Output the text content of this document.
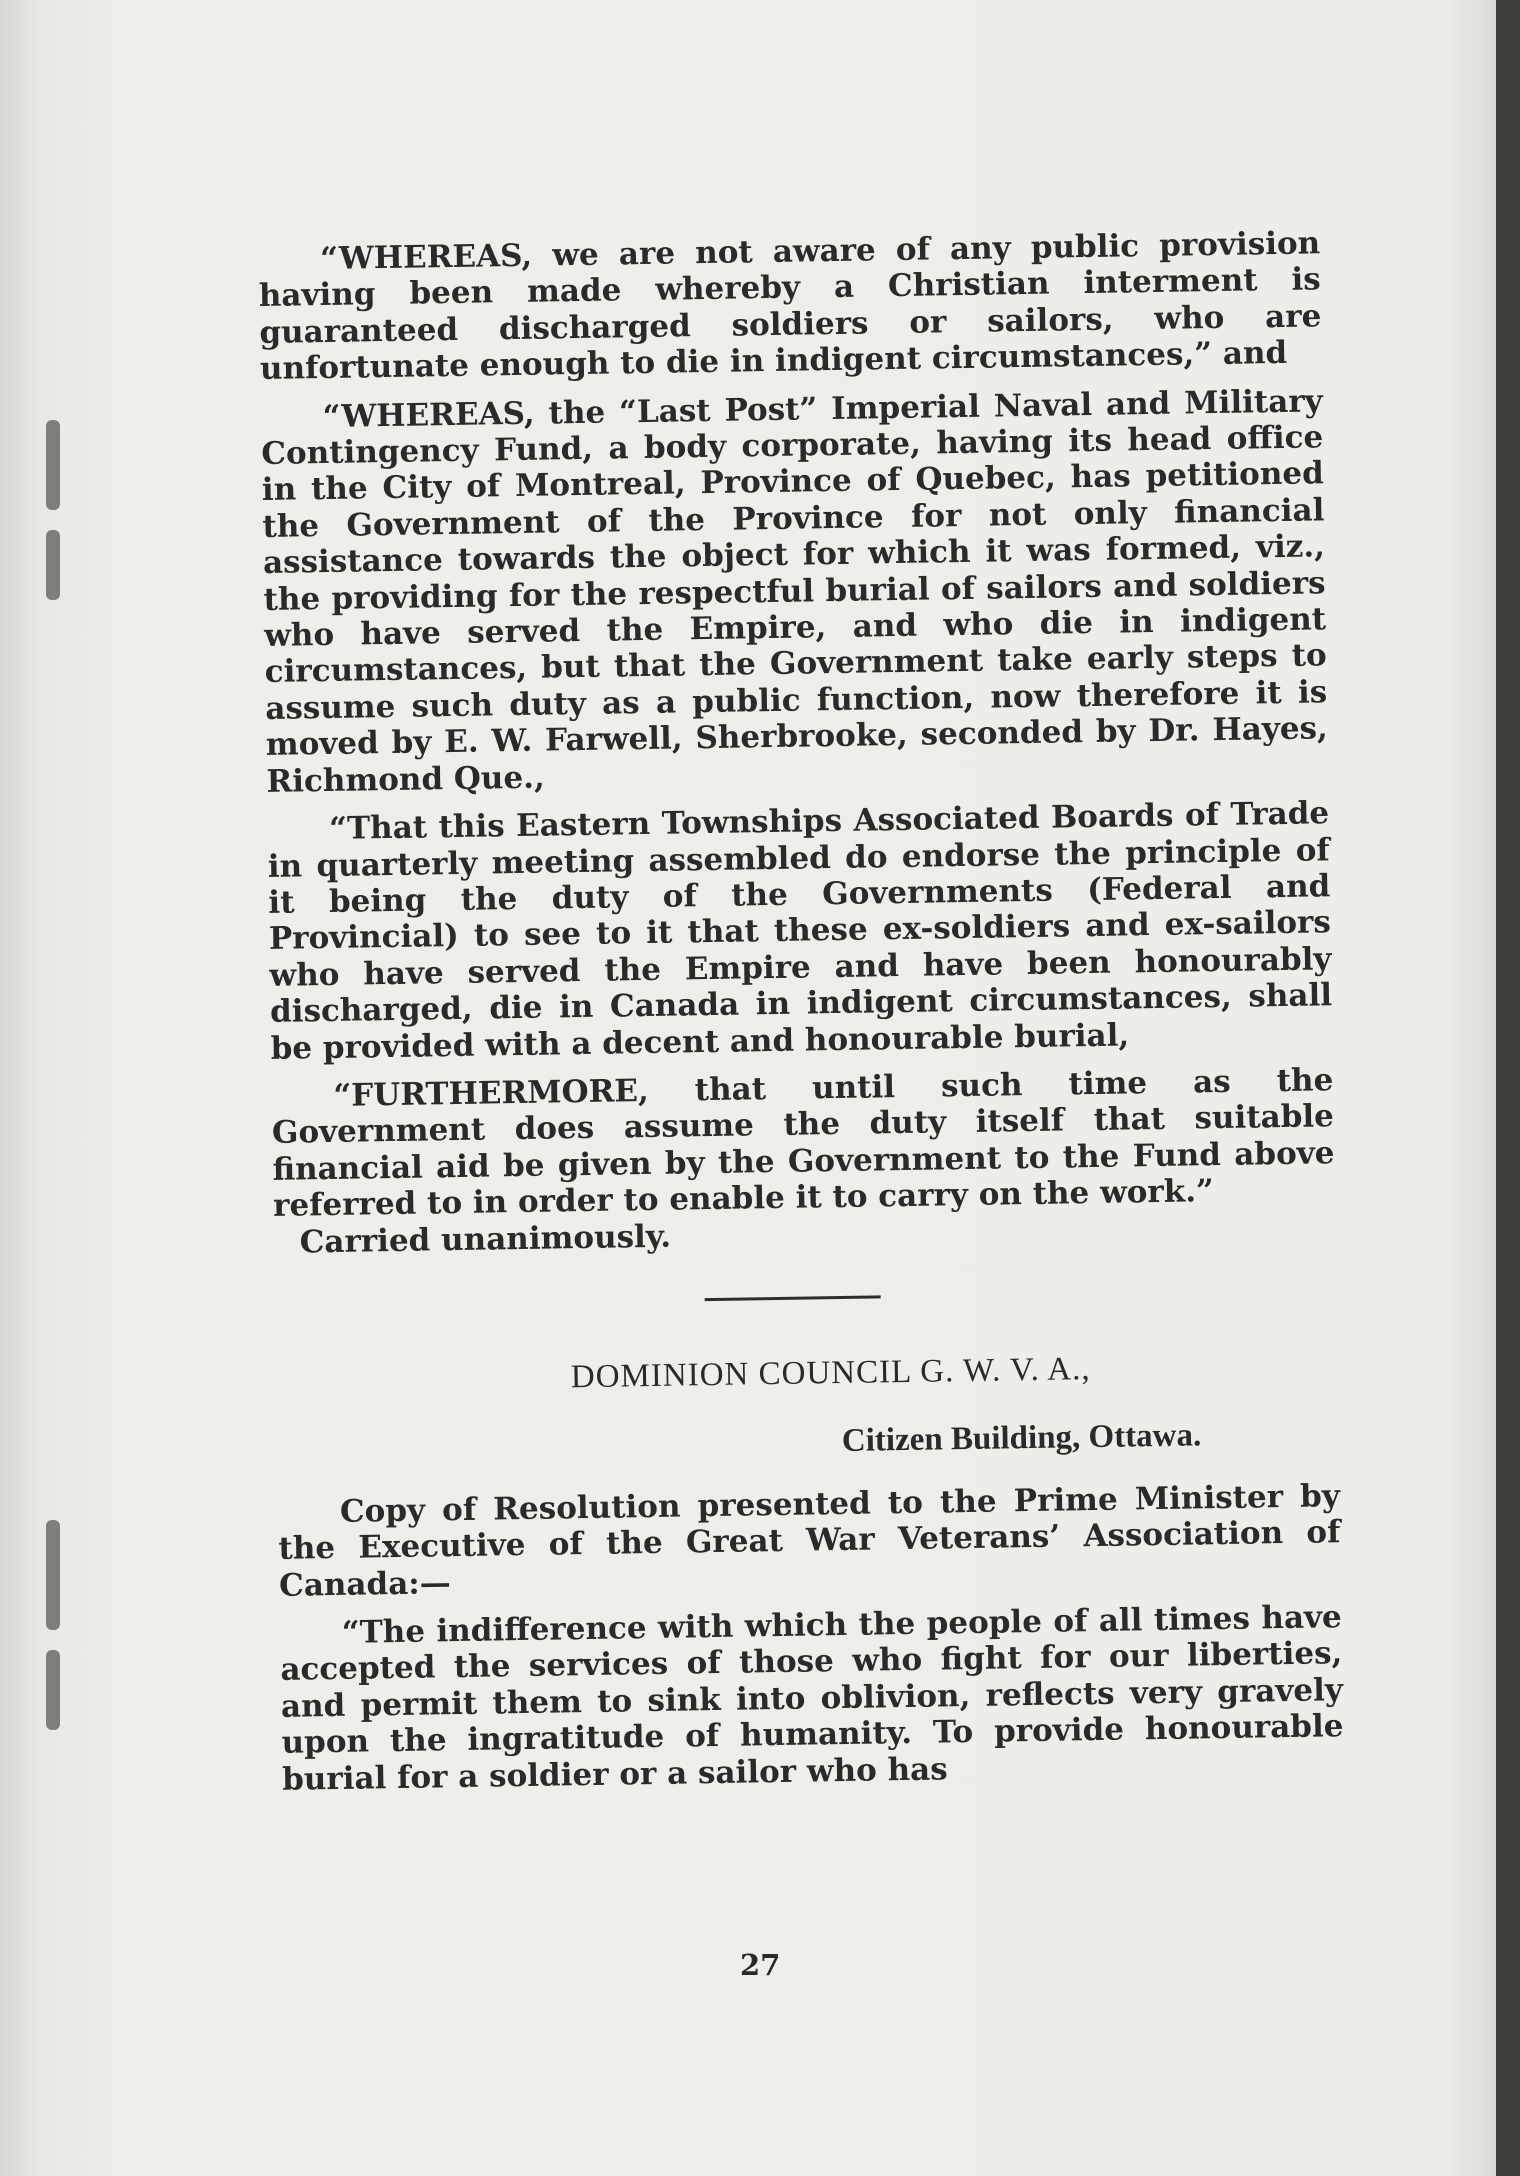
“WHEREAS, we are not aware of any public provision having been made whereby a Christian interment is guaranteed discharged soldiers or sailors, who are unfortunate enough to die in indigent circumstances,” and

“WHEREAS, the “Last Post” Imperial Naval and Military Contingency Fund, a body corporate, having its head office in the City of Montreal, Province of Quebec, has petitioned the Government of the Province for not only financial assistance towards the object for which it was formed, viz., the providing for the respectful burial of sailors and soldiers who have served the Empire, and who die in indigent circumstances, but that the Government take early steps to assume such duty as a public function, now therefore it is moved by E. W. Farwell, Sherbrooke, seconded by Dr. Hayes, Richmond Que.,

“That this Eastern Townships Associated Boards of Trade in quarterly meeting assembled do endorse the principle of it being the duty of the Governments (Federal and Provincial) to see to it that these ex-soldiers and ex-sailors who have served the Empire and have been honourably discharged, die in Canada in indigent circumstances, shall be provided with a decent and honourable burial,

“FURTHERMORE, that until such time as the Government does assume the duty itself that suitable financial aid be given by the Government to the Fund above referred to in order to enable it to carry on the work.”

Carried unanimously.

DOMINION COUNCIL G. W. V. A.,
Citizen Building, Ottawa.

Copy of Resolution presented to the Prime Minister by the Executive of the Great War Veterans’ Association of Canada:—

“The indifference with which the people of all times have accepted the services of those who fight for our liberties, and permit them to sink into oblivion, reflects very gravely upon the ingratitude of humanity. To provide honourable burial for a soldier or a sailor who has

27
